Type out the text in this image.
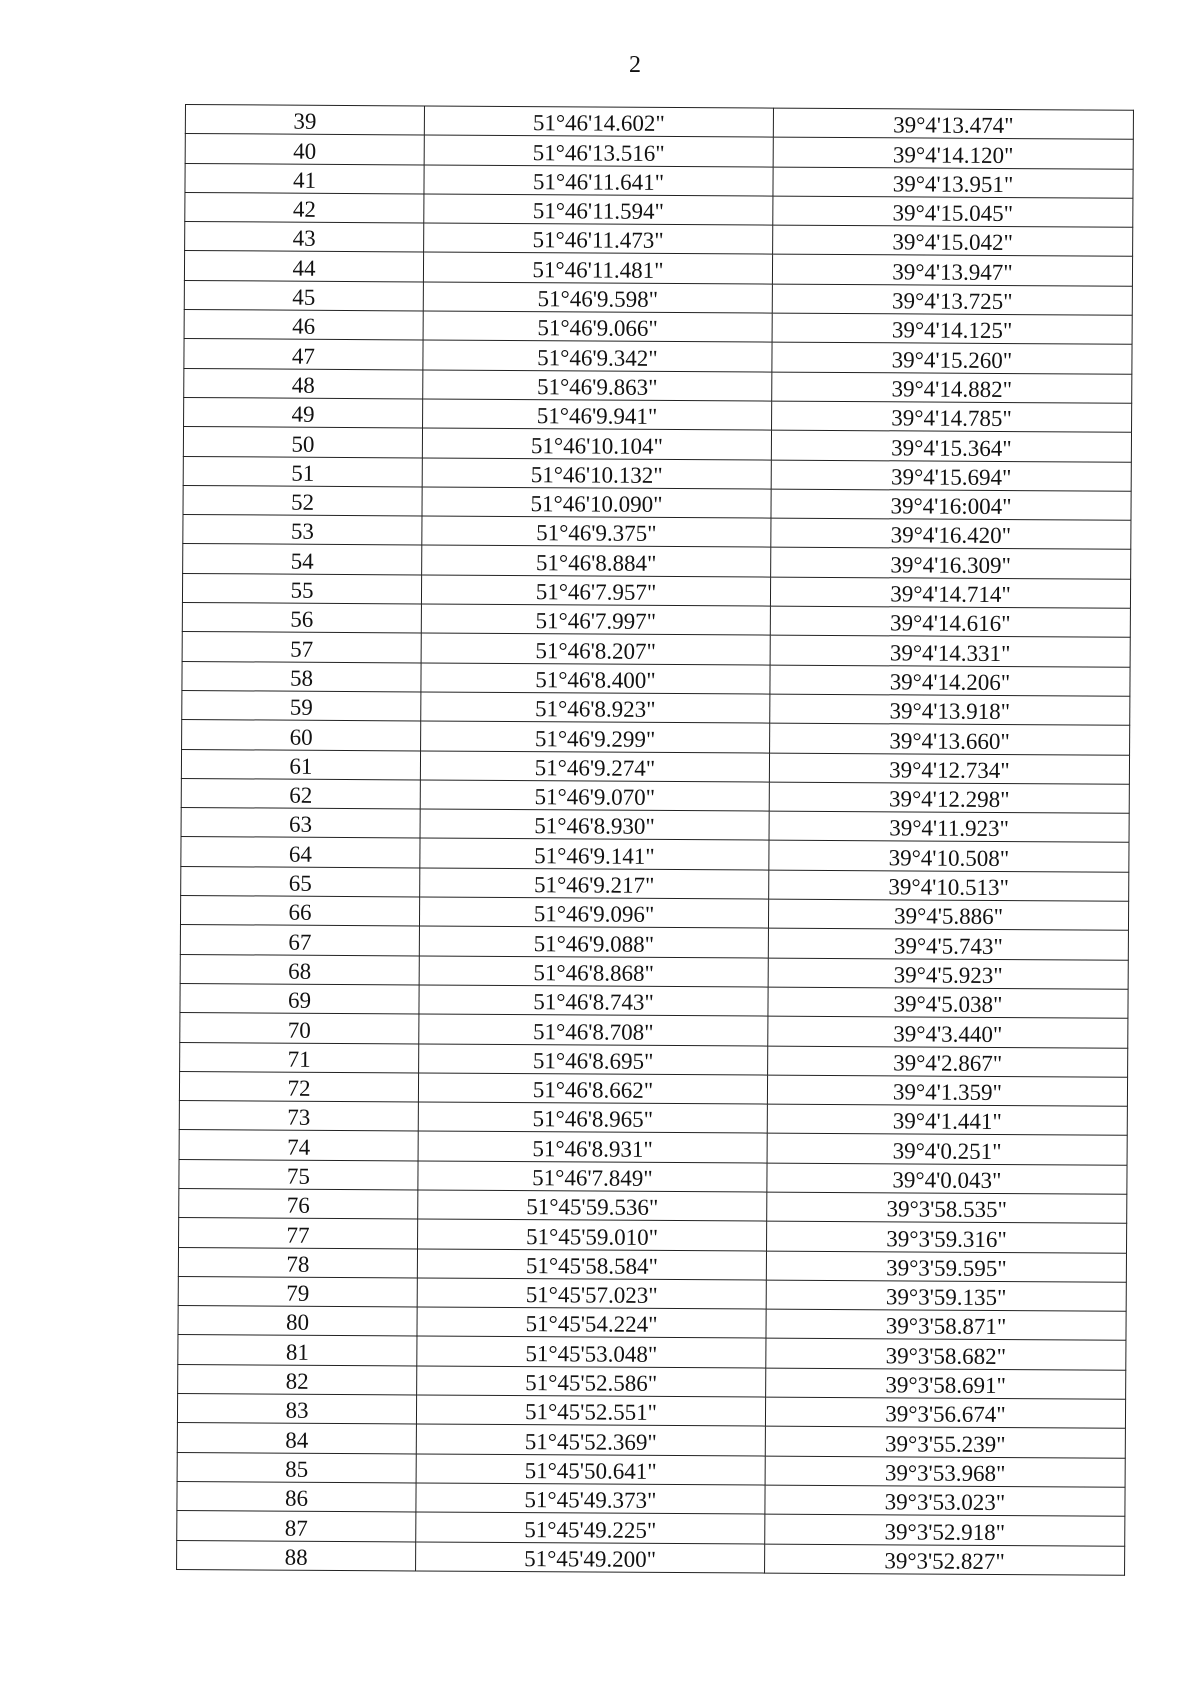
2
39	51°46'14.602"	39°4'13.474"
40	51°46'13.516"	39°4'14.120"
41	51°46'11.641"	39°4'13.951"
42	51°46'11.594"	39°4'15.045"
43	51°46'11.473"	39°4'15.042"
44	51°46'11.481"	39°4'13.947"
45	51°46'9.598"	39°4'13.725"
46	51°46'9.066"	39°4'14.125"
47	51°46'9.342"	39°4'15.260"
48	51°46'9.863"	39°4'14.882"
49	51°46'9.941"	39°4'14.785"
50	51°46'10.104"	39°4'15.364"
51	51°46'10.132"	39°4'15.694"
52	51°46'10.090"	39°4'16:004"
53	51°46'9.375"	39°4'16.420"
54	51°46'8.884"	39°4'16.309"
55	51°46'7.957"	39°4'14.714"
56	51°46'7.997"	39°4'14.616"
57	51°46'8.207"	39°4'14.331"
58	51°46'8.400"	39°4'14.206"
59	51°46'8.923"	39°4'13.918"
60	51°46'9.299"	39°4'13.660"
61	51°46'9.274"	39°4'12.734"
62	51°46'9.070"	39°4'12.298"
63	51°46'8.930"	39°4'11.923"
64	51°46'9.141"	39°4'10.508"
65	51°46'9.217"	39°4'10.513"
66	51°46'9.096"	39°4'5.886"
67	51°46'9.088"	39°4'5.743"
68	51°46'8.868"	39°4'5.923"
69	51°46'8.743"	39°4'5.038"
70	51°46'8.708"	39°4'3.440"
71	51°46'8.695"	39°4'2.867"
72	51°46'8.662"	39°4'1.359"
73	51°46'8.965"	39°4'1.441"
74	51°46'8.931"	39°4'0.251"
75	51°46'7.849"	39°4'0.043"
76	51°45'59.536"	39°3'58.535"
77	51°45'59.010"	39°3'59.316"
78	51°45'58.584"	39°3'59.595"
79	51°45'57.023"	39°3'59.135"
80	51°45'54.224"	39°3'58.871"
81	51°45'53.048"	39°3'58.682"
82	51°45'52.586"	39°3'58.691"
83	51°45'52.551"	39°3'56.674"
84	51°45'52.369"	39°3'55.239"
85	51°45'50.641"	39°3'53.968"
86	51°45'49.373"	39°3'53.023"
87	51°45'49.225"	39°3'52.918"
88	51°45'49.200"	39°3'52.827"
